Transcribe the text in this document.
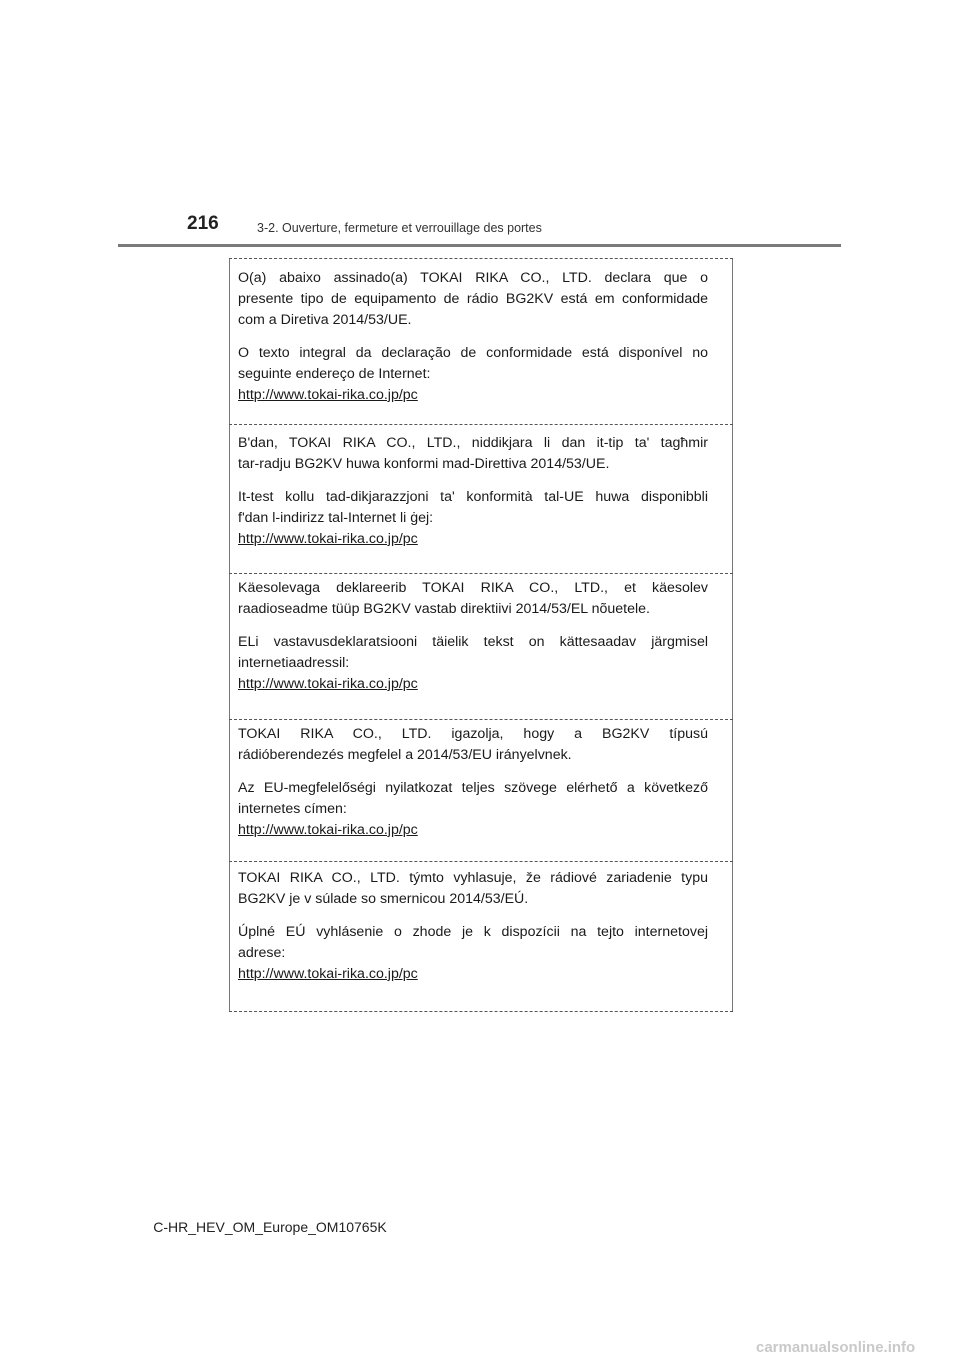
216	3-2. Ouverture, fermeture et verrouillage des portes

O(a) abaixo assinado(a) TOKAI RIKA CO., LTD. declara que o

presente tipo de equipamento de rádio BG2KV está em conformidade

com a Diretiva 2014/53/UE.

O texto integral da declaração de conformidade está disponível no

seguinte endereço de Internet:

http://www.tokai-rika.co.jp/pc

B'dan, TOKAI RIKA CO., LTD., niddikjara li dan it-tip ta' tagħmir

tar-radju BG2KV huwa konformi mad-Direttiva 2014/53/UE.

It-test kollu tad-dikjarazzjoni ta' konformità tal-UE huwa disponibbli

f'dan l-indirizz tal-Internet li ġej:

http://www.tokai-rika.co.jp/pc

Käesolevaga deklareerib TOKAI RIKA CO., LTD., et käesolev

raadioseadme tüüp BG2KV vastab direktiivi 2014/53/EL nõuetele.

ELi vastavusdeklaratsiooni täielik tekst on kättesaadav järgmisel

internetiaadressil:

http://www.tokai-rika.co.jp/pc

TOKAI RIKA CO., LTD. igazolja, hogy a BG2KV típusú

rádióberendezés megfelel a 2014/53/EU irányelvnek.

Az EU-megfelelőségi nyilatkozat teljes szövege elérhető a következő

internetes címen:

http://www.tokai-rika.co.jp/pc

TOKAI RIKA CO., LTD. týmto vyhlasuje, že rádiové zariadenie typu

BG2KV je v súlade so smernicou 2014/53/EÚ.

Úplné EÚ vyhlásenie o zhode je k dispozícii na tejto internetovej

adrese:

http://www.tokai-rika.co.jp/pc

C-HR_HEV_OM_Europe_OM10765K
carmanualsonline.info
